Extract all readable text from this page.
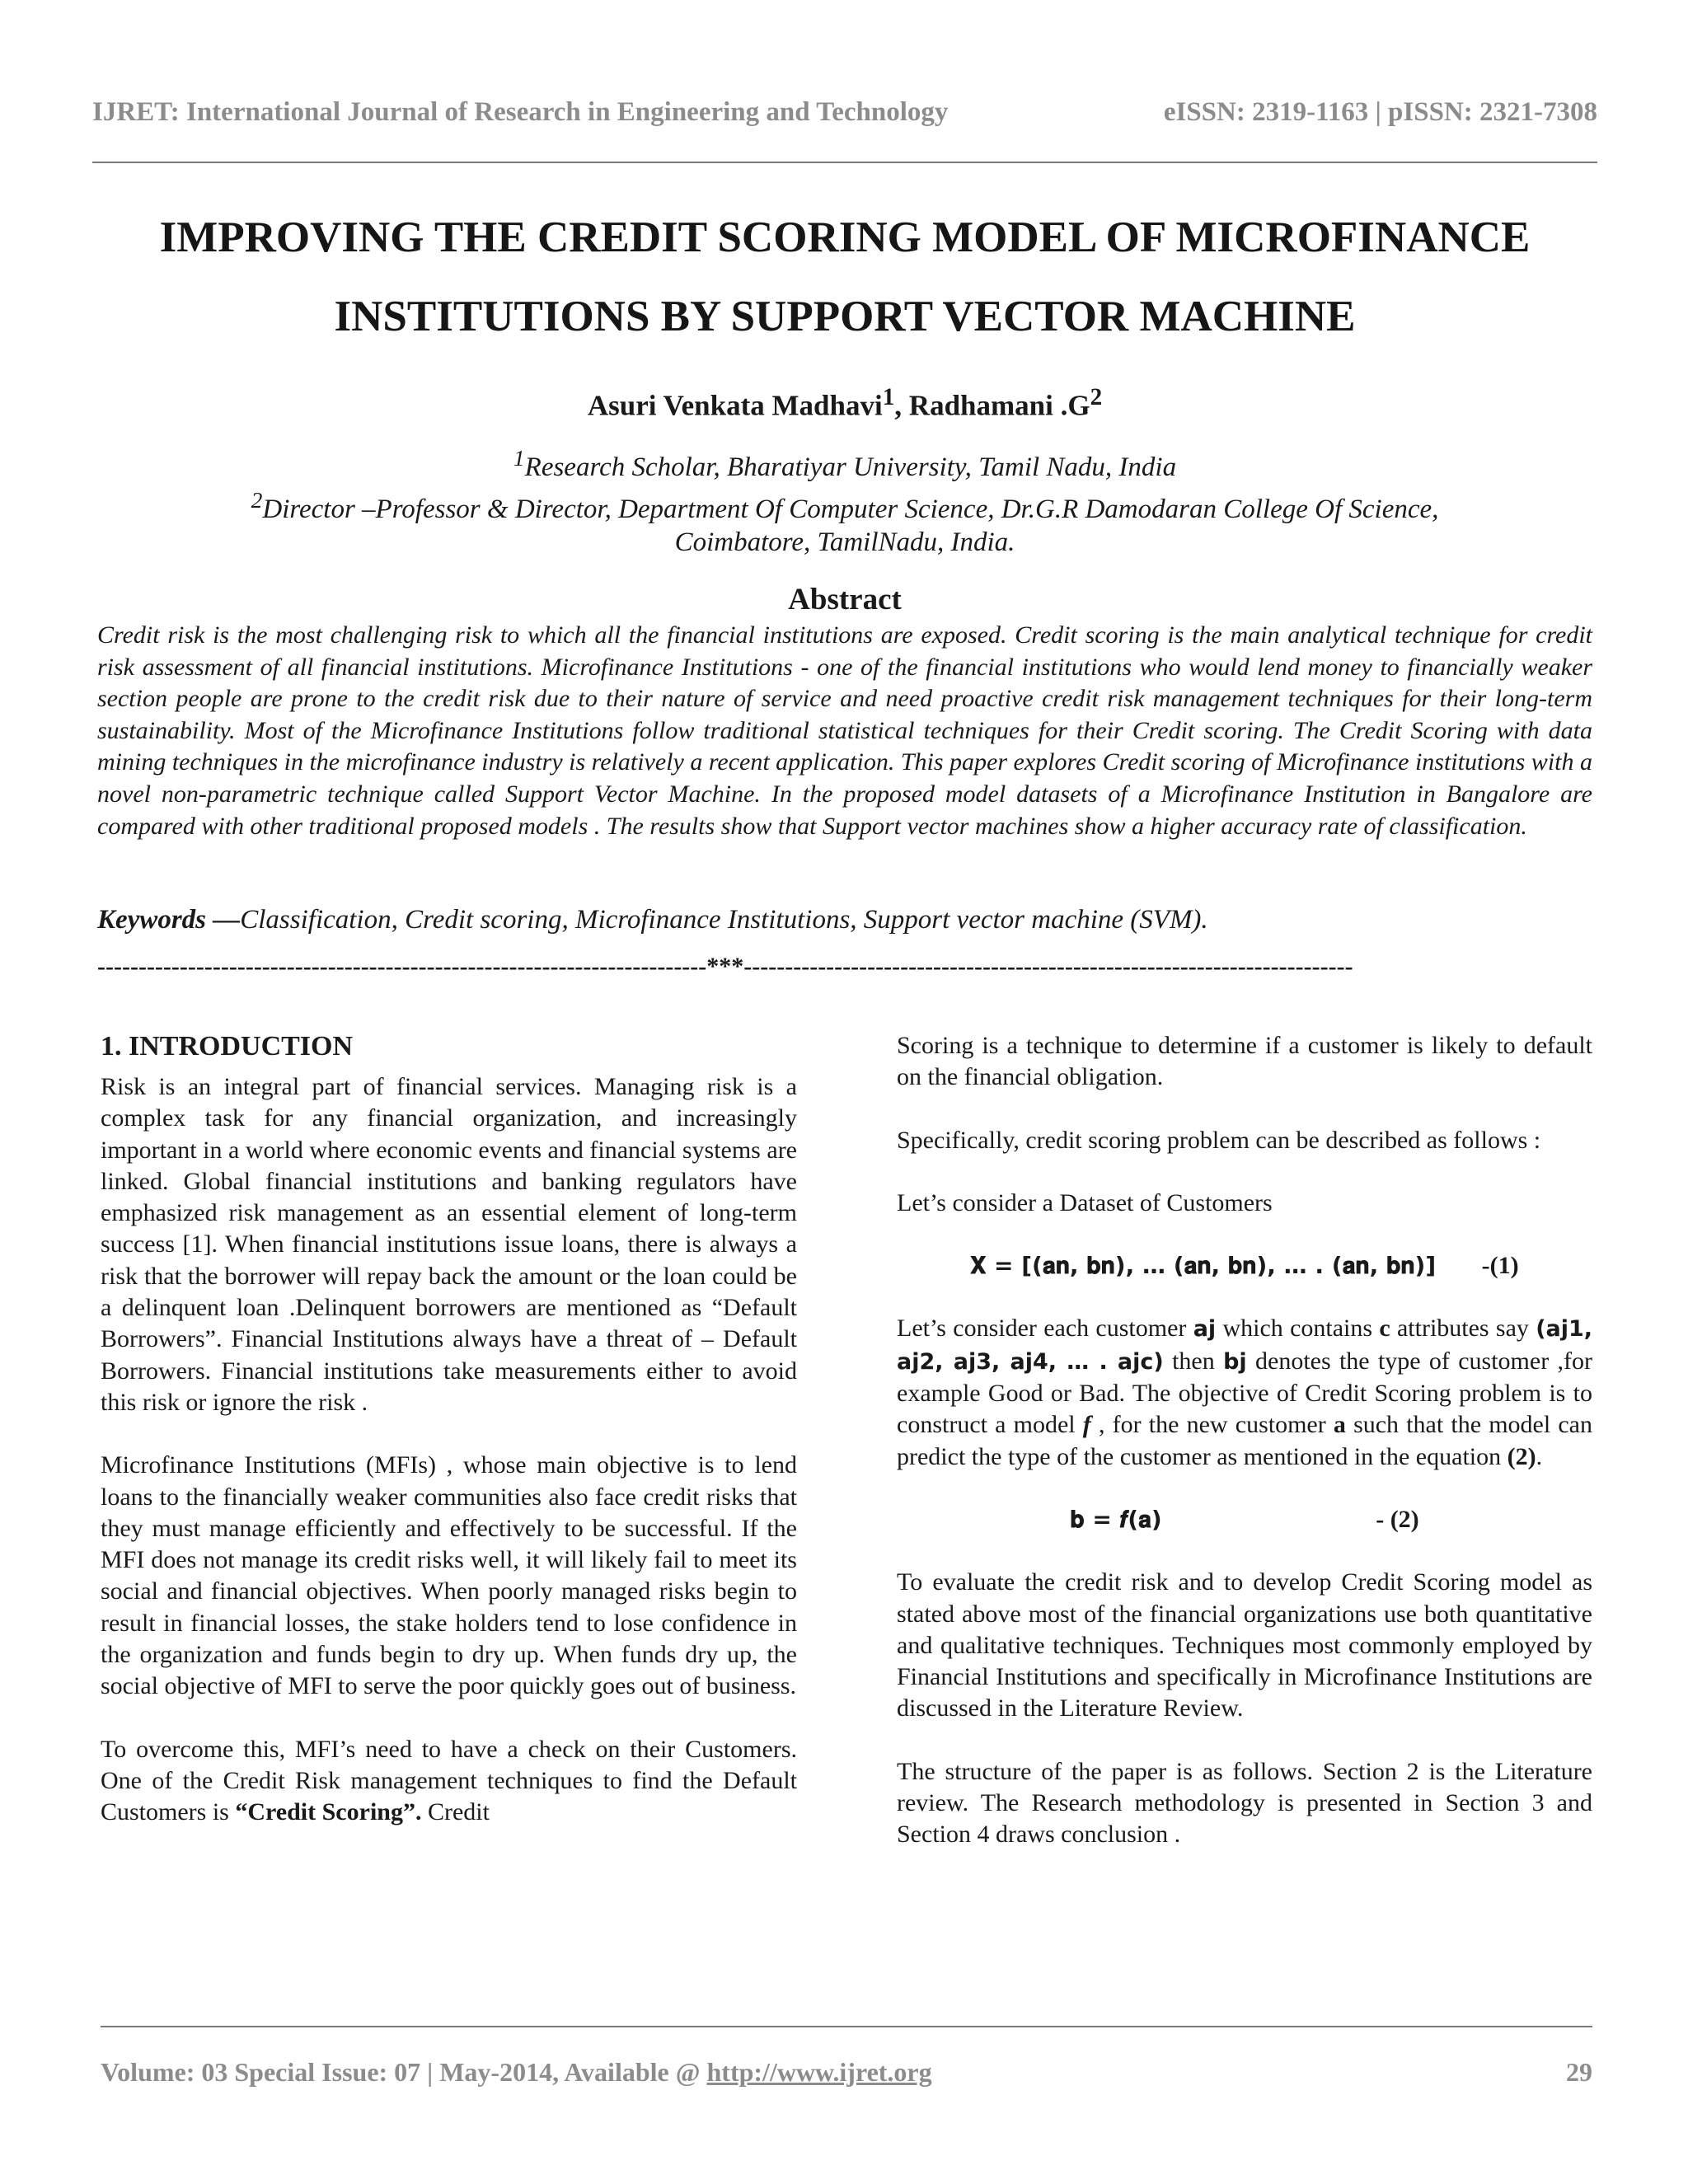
IJRET: International Journal of Research in Engineering and Technology	eISSN: 2319-1163 | pISSN: 2321-7308
IMPROVING THE CREDIT SCORING MODEL OF MICROFINANCE
INSTITUTIONS BY SUPPORT VECTOR MACHINE
Asuri Venkata Madhavi$^1$, Radhamani $.G^2$
$^1$Research Scholar, Bharatiyar University, Tamil Nadu, India
$^2$Director –Professor & Director, Department Of Computer Science, Dr.G.R Damodaran College Of Science,
Coimbatore, TamilNadu, India.
Abstract
Credit risk is the most challenging risk to which all the financial institutions are exposed. Credit scoring is the main analytical technique for credit risk assessment of all financial institutions. Microfinance Institutions - one of the financial institutions who would lend money to financially weaker section people are prone to the credit risk due to their nature of service and need proactive credit risk management techniques for their long-term sustainability. Most of the Microfinance Institutions follow traditional statistical techniques for their Credit scoring. The Credit Scoring with data mining techniques in the microfinance industry is relatively a recent application. This paper explores Credit scoring of Microfinance institutions with a novel non-parametric technique called Support Vector Machine. In the proposed model datasets of a Microfinance Institution in Bangalore are compared with other traditional proposed models . The results show that Support vector machines show a higher accuracy rate of classification.
Keywords —Classification, Credit scoring, Microfinance Institutions, Support vector machine (SVM).
--------------------------------------------------------------------------***--------------------------------------------------------------------------
1. INTRODUCTION

Risk is an integral part of financial services. Managing risk is a complex task for any financial organization, and increasingly important in a world where economic events and financial systems are linked. Global financial institutions and banking regulators have emphasized risk management as an essential element of long-term success [1]. When financial institutions issue loans, there is always a risk that the borrower will repay back the amount or the loan could be a delinquent loan .Delinquent borrowers are mentioned as “Default Borrowers”. Financial Institutions always have a threat of – Default Borrowers. Financial institutions take measurements either to avoid this risk or ignore the risk .

Microfinance Institutions (MFIs) , whose main objective is to lend loans to the financially weaker communities also face credit risks that they must manage efficiently and effectively to be successful. If the MFI does not manage its credit risks well, it will likely fail to meet its social and financial objectives. When poorly managed risks begin to result in financial losses, the stake holders tend to lose confidence in the organization and funds begin to dry up. When funds dry up, the social objective of MFI to serve the poor quickly goes out of business.

To overcome this, MFI’s need to have a check on their Customers. One of the Credit Risk management techniques to find the Default Customers is “Credit Scoring”. Credit

Scoring is a technique to determine if a customer is likely to default on the financial obligation.

Specifically, credit scoring problem can be described as follows :

Let’s consider a Dataset of Customers

𝐗 = [(𝐚𝐧, 𝐛𝐧), … (𝐚𝐧, 𝐛𝐧), … . (𝐚𝐧, 𝐛𝐧)] -(1)

Let’s consider each customer aj which contains c attributes say (aj1, aj2, aj3, aj4, … . ajc) then bj denotes the type of customer ,for example Good or Bad. The objective of Credit Scoring problem is to construct a model f , for the new customer a such that the model can predict the type of the customer as mentioned in the equation (2).

𝐛 = 𝒇(𝐚)	- (2)

To evaluate the credit risk and to develop Credit Scoring model as stated above most of the financial organizations use both quantitative and qualitative techniques. Techniques most commonly employed by Financial Institutions and specifically in Microfinance Institutions are discussed in the Literature Review.

The structure of the paper is as follows. Section 2 is the Literature review. The Research methodology is presented in Section 3 and Section 4 draws conclusion .

Volume: 03 Special Issue: 07 | May-2014, Available @ http://www.ijret.org	29
